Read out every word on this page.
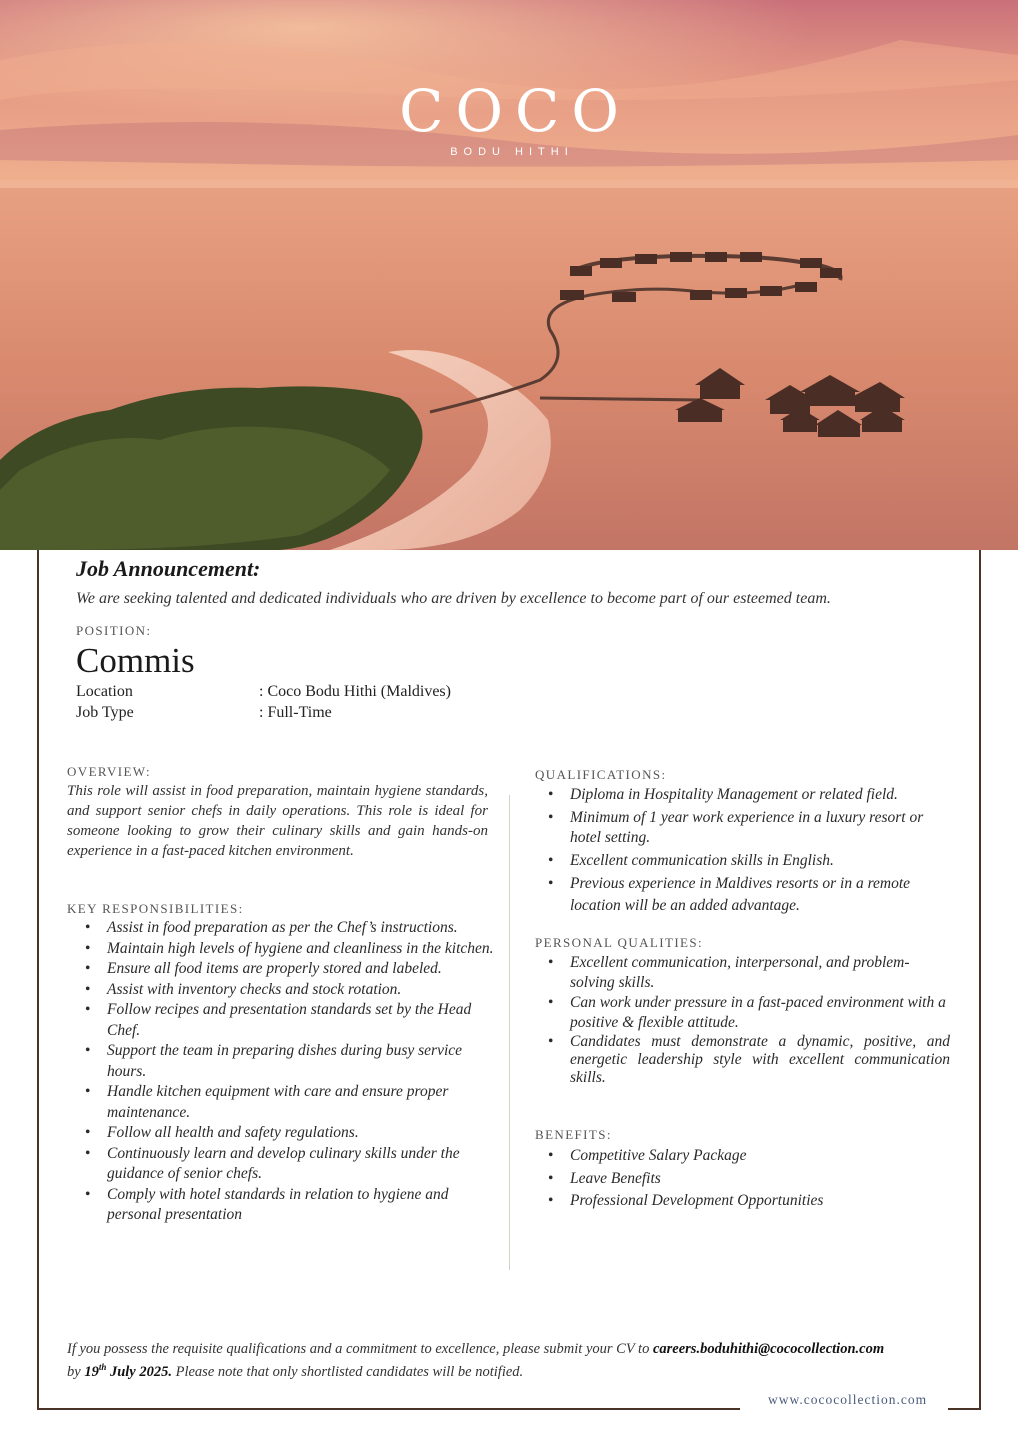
COCO
BODU HITHI
Job Announcement:
We are seeking talented and dedicated individuals who are driven by excellence to become part of our esteemed team.
POSITION:
Commis
Location	: Coco Bodu Hithi (Maldives)
Job Type	: Full-Time
OVERVIEW:

This role will assist in food preparation, maintain hygiene standards, and support senior chefs in daily operations. This role is ideal for someone looking to grow their culinary skills and gain hands-on experience in a fast-paced kitchen environment.

KEY RESPONSIBILITIES:
• Assist in food preparation as per the Chef’s instructions.
• Maintain high levels of hygiene and cleanliness in the kitchen.
• Ensure all food items are properly stored and labeled.
• Assist with inventory checks and stock rotation.
• Follow recipes and presentation standards set by the Head Chef.
• Support the team in preparing dishes during busy service hours.
• Handle kitchen equipment with care and ensure proper maintenance.
• Follow all health and safety regulations.
• Continuously learn and develop culinary skills under the guidance of senior chefs.
• Comply with hotel standards in relation to hygiene and personal presentation
QUALIFICATIONS:
• Diploma in Hospitality Management or related field.
• Minimum of 1 year work experience in a luxury resort or hotel setting.
• Excellent communication skills in English.
• Previous experience in Maldives resorts or in a remote location will be an added advantage.
PERSONAL QUALITIES:
• Excellent communication, interpersonal, and problem-solving skills.
• Can work under pressure in a fast-paced environment with a positive & flexible attitude.
• Candidates must demonstrate a dynamic, positive, and energetic leadership style with excellent communication skills.
BENEFITS:
• Competitive Salary Package
• Leave Benefits
• Professional Development Opportunities
If you possess the requisite qualifications and a commitment to excellence, please submit your CV to careers.boduhithi@cococollection.com
by 19th July 2025. Please note that only shortlisted candidates will be notified.
www.cococollection.com
